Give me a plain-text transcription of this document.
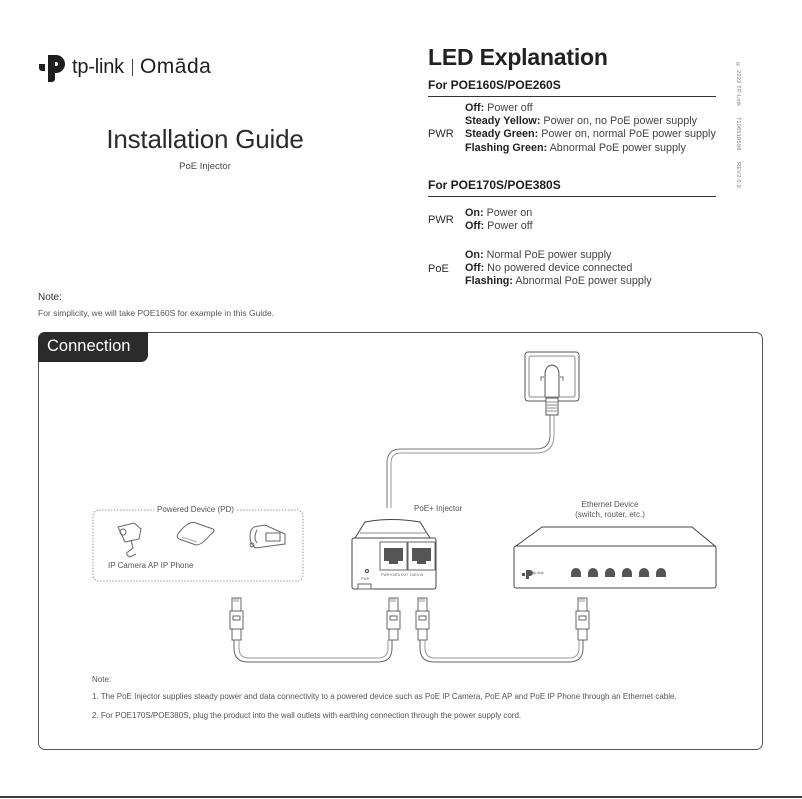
tp-link Omāda
Installation Guide
PoE Injector
LED Explanation
For POE160S/POE260S
PWR
Off: Power off
Steady Yellow: Power on, no PoE power supply
Steady Green: Power on, normal PoE power supply
Flashing Green: Abnormal PoE power supply
For POE170S/POE380S
PWR
On: Power on
Off: Power off
PoE
On: Normal PoE power supply
Off: No powered device connected
Flashing: Abnormal PoE power supply
© 2022 TP-Link 7106510598 REV2.0.0
Note:
For simplicity, we will take POE160S for example in this Guide.
Connection
Powered Device (PD)
IP Camera AP IP Phone
PoE+ Injector
PWR
PWR+DATA OUT  DATA IN
Ethernet Device
(switch, router, etc.)
tp-link
Note:
1. The PoE Injector supplies steady power and data connectivity to a powered device such as PoE IP Camera, PoE AP and PoE IP Phone through an Ethernet cable.
2. For POE170S/POE380S, plug the product into the wall outlets with earthing connection through the power supply cord.
